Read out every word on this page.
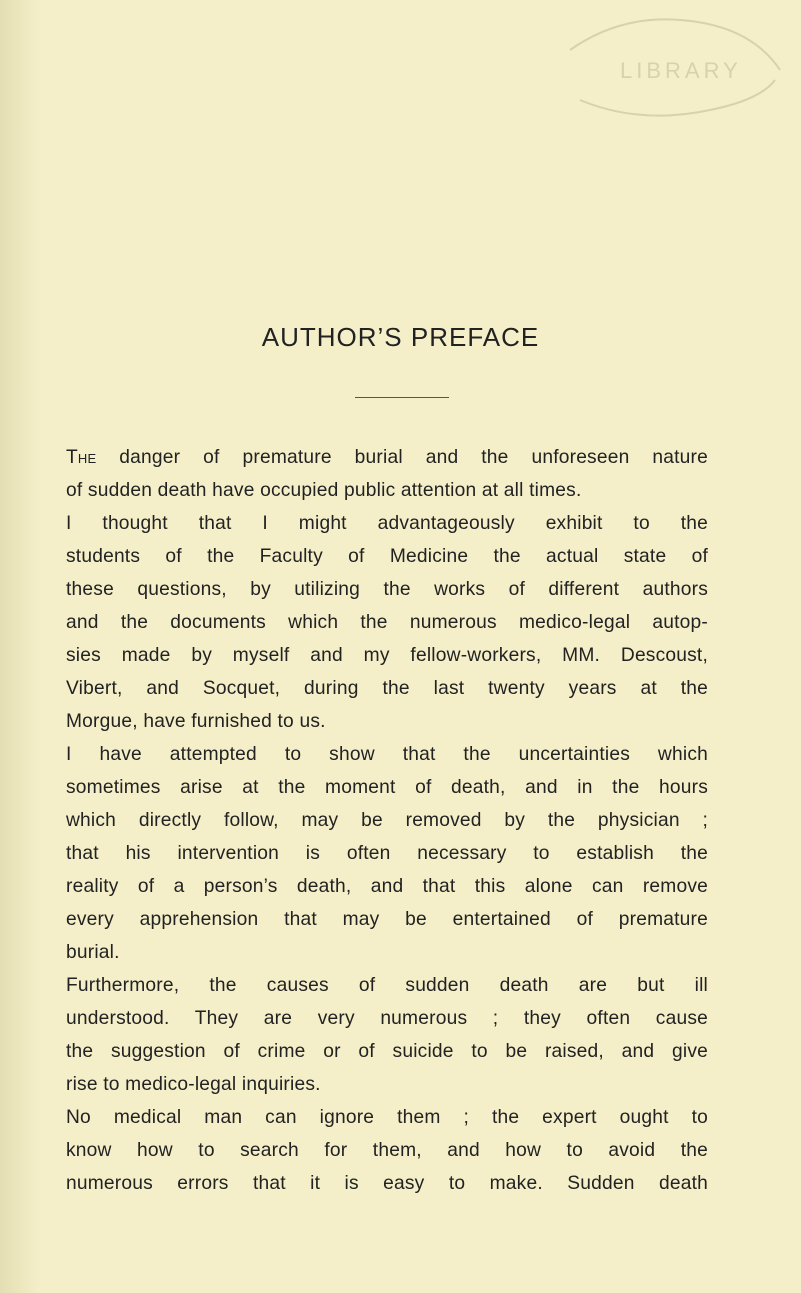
LIBRARY
AUTHOR’S PREFACE

The danger of premature burial and the unforeseen nature
of sudden death have occupied public attention at all times.

I thought that I might advantageously exhibit to the
students of the Faculty of Medicine the actual state of
these questions, by utilizing the works of different authors
and the documents which the numerous medico-legal autop-
sies made by myself and my fellow-workers, MM. Descoust,
Vibert, and Socquet, during the last twenty years at the
Morgue, have furnished to us.

I have attempted to show that the uncertainties which
sometimes arise at the moment of death, and in the hours
which directly follow, may be removed by the physician ;
that his intervention is often necessary to establish the
reality of a person’s death, and that this alone can remove
every apprehension that may be entertained of premature
burial.

Furthermore, the causes of sudden death are but ill
understood. They are very numerous ; they often cause
the suggestion of crime or of suicide to be raised, and give
rise to medico-legal inquiries.

No medical man can ignore them ; the expert ought to
know how to search for them, and how to avoid the
numerous errors that it is easy to make. Sudden death
